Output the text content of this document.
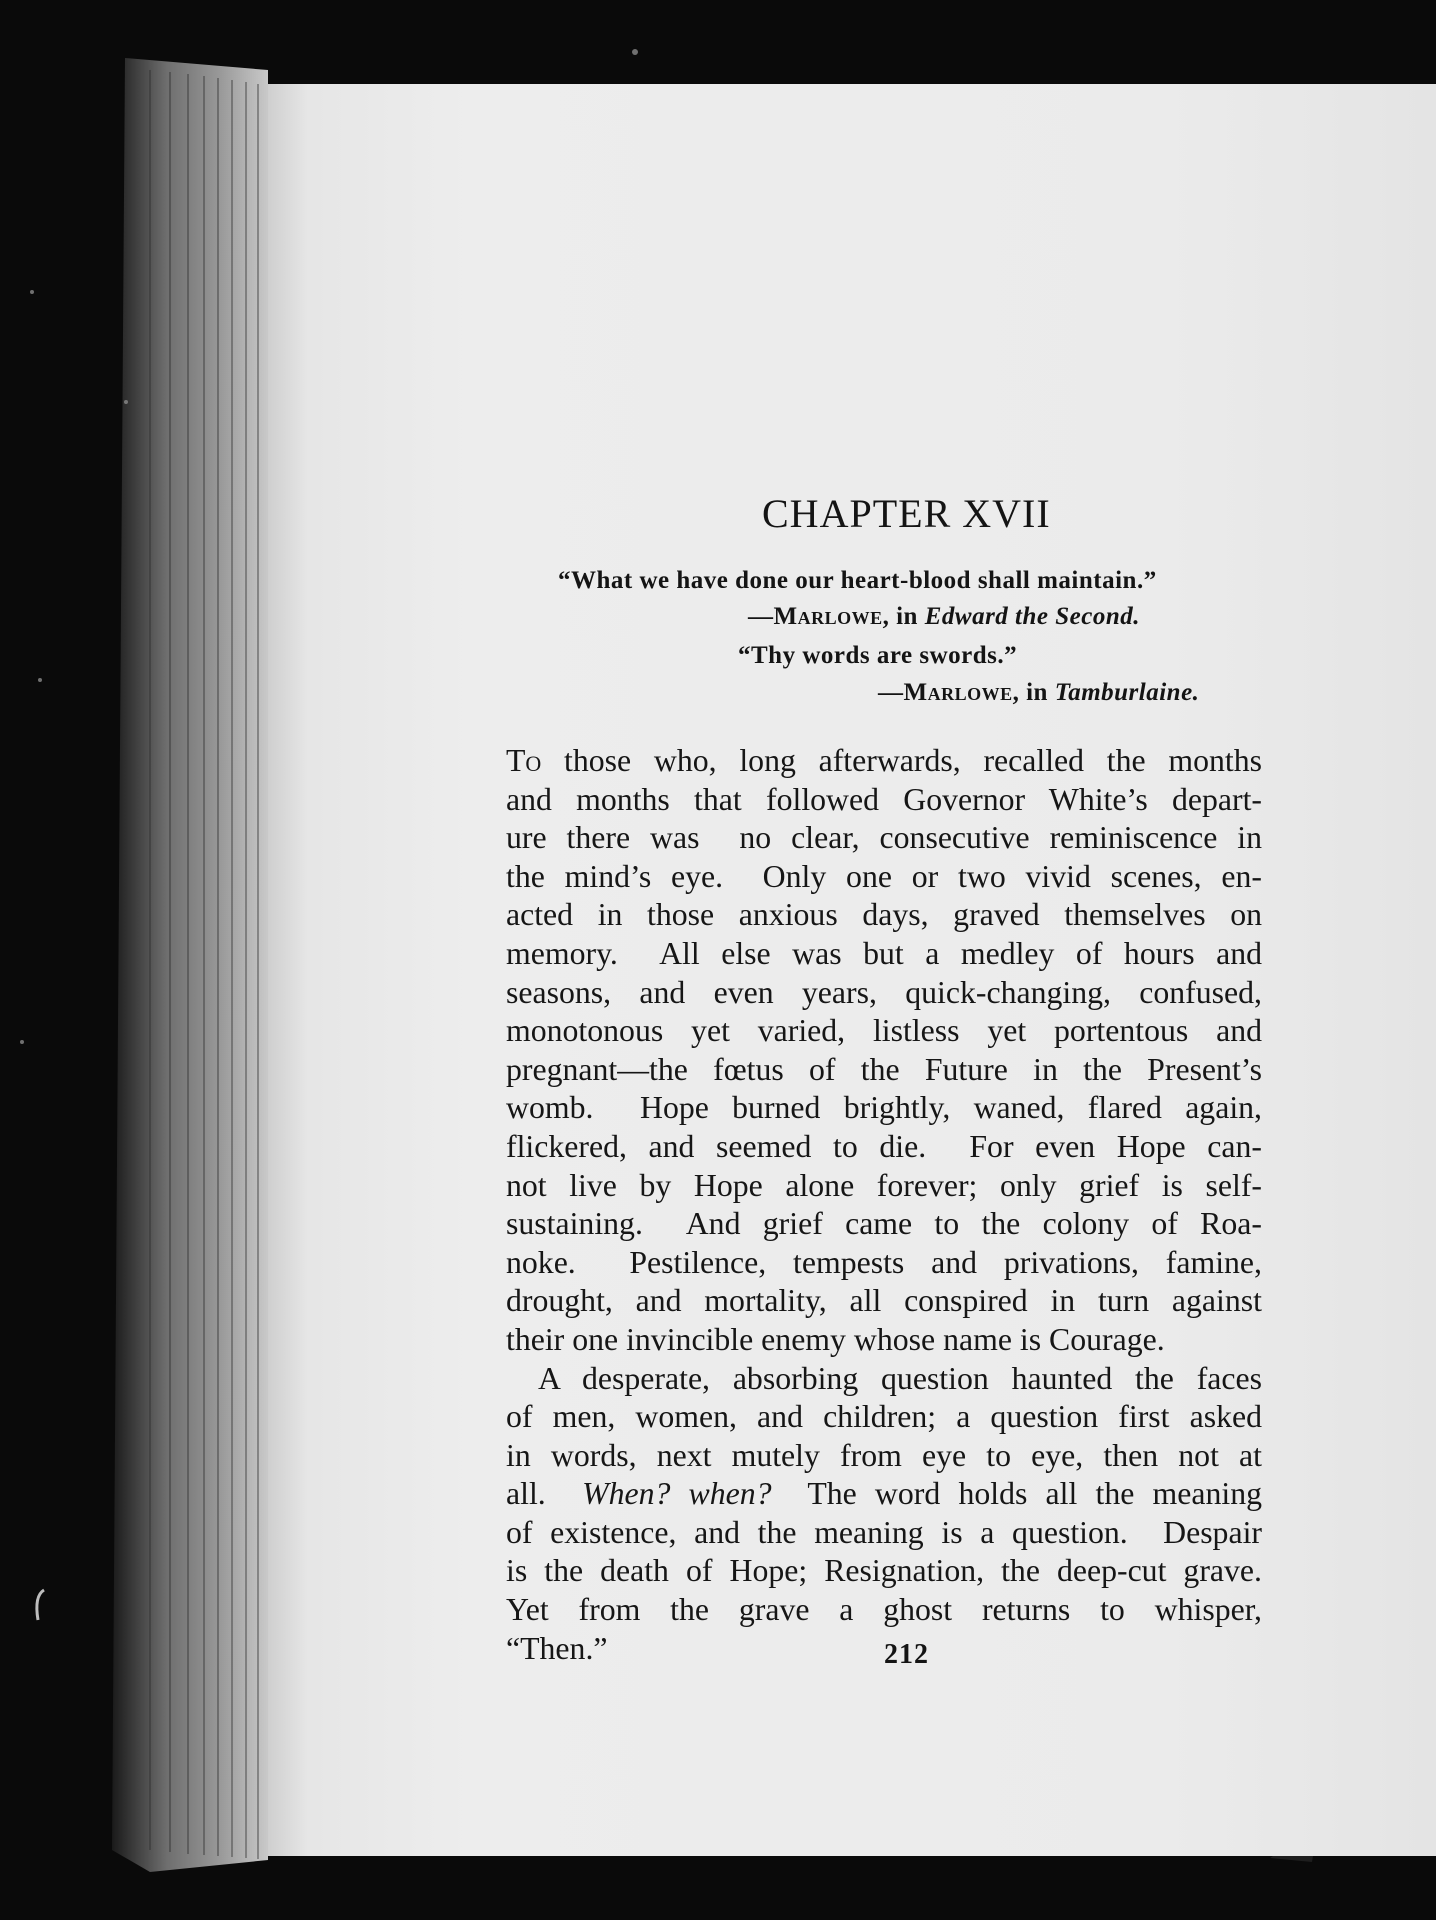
CHAPTER XVII
“What we have done our heart-blood shall maintain.”
—Marlowe, in Edward the Second.
“Thy words are swords.”
—Marlowe, in Tamburlaine.
To those who, long afterwards, recalled the months
and months that followed Governor White’s depart-
ure there was  no clear, consecutive reminiscence in
the mind’s eye.  Only one or two vivid scenes, en-
acted in those anxious days, graved themselves on
memory.  All else was but a medley of hours and
seasons, and even years, quick-changing, confused,
monotonous yet varied, listless yet portentous and
pregnant—the fœtus of the Future in the Present’s
womb.  Hope burned brightly, waned, flared again,
flickered, and seemed to die.  For even Hope can-
not live by Hope alone forever; only grief is self-
sustaining.  And grief came to the colony of Roa-
noke.  Pestilence, tempests and privations, famine,
drought, and mortality, all conspired in turn against
their one invincible enemy whose name is Courage.
A desperate, absorbing question haunted the faces
of men, women, and children; a question first asked
in words, next mutely from eye to eye, then not at
all.  When? when?  The word holds all the meaning
of existence, and the meaning is a question.  Despair
is the death of Hope; Resignation, the deep-cut grave.
Yet from the grave a ghost returns to whisper,
“Then.”	212
